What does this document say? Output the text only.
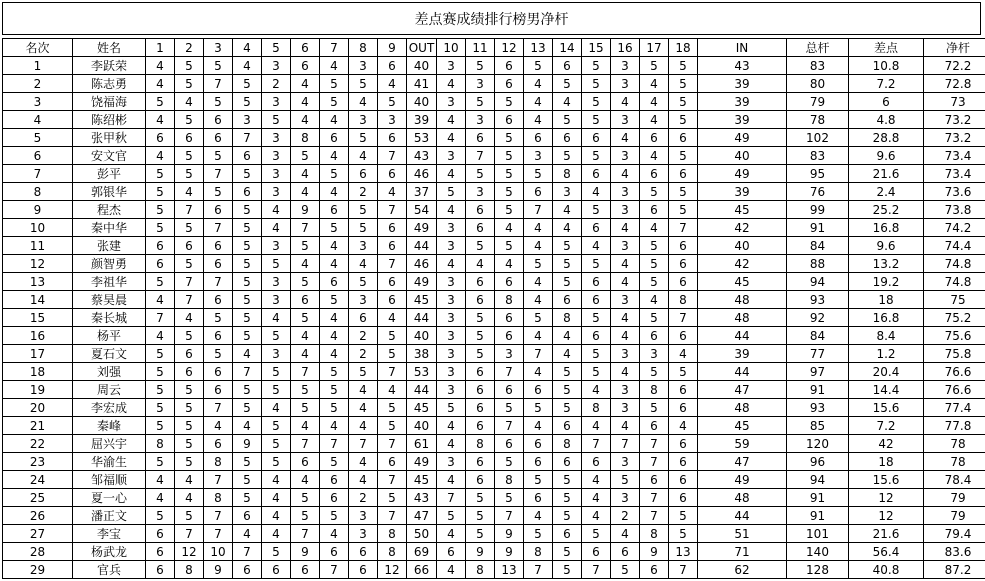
差点赛成绩排行榜男净杆
名次	姓名	1	2	3	4	5	6	7	8	9	OUT	10	11	12	13	14	15	16	17	18	IN	总杆	差点	净杆
1	李跃荣	4	5	5	4	3	6	4	3	6	40	3	5	6	5	6	5	3	5	5	43	83	10.8	72.2
2	陈志勇	4	5	7	5	2	4	5	5	4	41	4	3	6	4	5	5	3	4	5	39	80	7.2	72.8
3	饶福海	5	4	5	5	3	4	5	4	5	40	3	5	5	4	4	5	4	4	5	39	79	6	73
4	陈绍彬	4	5	6	3	5	4	4	3	3	39	4	3	6	4	5	5	3	4	5	39	78	4.8	73.2
5	张甲秋	6	6	6	7	3	8	6	5	6	53	4	6	5	6	6	6	4	6	6	49	102	28.8	73.2
6	安文官	4	5	5	6	3	5	4	4	7	43	3	7	5	3	5	5	3	4	5	40	83	9.6	73.4
7	彭平	5	5	7	5	3	4	5	6	6	46	4	5	5	5	8	6	4	6	6	49	95	21.6	73.4
8	郭银华	5	4	5	6	3	4	4	2	4	37	5	3	5	6	3	4	3	5	5	39	76	2.4	73.6
9	程杰	5	7	6	5	4	9	6	5	7	54	4	6	5	7	4	5	3	6	5	45	99	25.2	73.8
10	秦中华	5	5	7	5	4	7	5	5	6	49	3	6	4	4	4	6	4	4	7	42	91	16.8	74.2
11	张建	6	6	6	5	3	5	4	3	6	44	3	5	5	4	5	4	3	5	6	40	84	9.6	74.4
12	颜智勇	6	5	6	5	5	4	4	4	7	46	4	4	4	5	5	5	4	5	6	42	88	13.2	74.8
13	李祖华	5	7	7	5	3	5	6	5	6	49	3	6	6	4	5	6	4	5	6	45	94	19.2	74.8
14	蔡昊晨	4	7	6	5	3	6	5	3	6	45	3	6	8	4	6	6	3	4	8	48	93	18	75
15	秦长城	7	4	5	5	4	5	4	6	4	44	3	5	6	5	8	5	4	5	7	48	92	16.8	75.2
16	杨平	4	5	6	5	5	4	4	2	5	40	3	5	6	4	4	6	4	6	6	44	84	8.4	75.6
17	夏石文	5	6	5	4	3	4	4	2	5	38	3	5	3	7	4	5	3	3	4	39	77	1.2	75.8
18	刘强	5	6	6	7	5	7	5	5	7	53	3	6	7	4	5	5	4	5	5	44	97	20.4	76.6
19	周云	5	5	6	5	5	5	5	4	4	44	3	6	6	6	5	4	3	8	6	47	91	14.4	76.6
20	李宏成	5	5	7	5	4	5	5	4	5	45	5	6	5	5	5	8	3	5	6	48	93	15.6	77.4
21	秦峰	5	5	4	4	5	4	4	4	5	40	4	6	7	4	6	4	4	6	4	45	85	7.2	77.8
22	屈兴宇	8	5	6	9	5	7	7	7	7	61	4	8	6	6	8	7	7	7	6	59	120	42	78
23	华渝生	5	5	8	5	5	6	5	4	6	49	3	6	5	6	6	6	3	7	6	47	96	18	78
24	邹福顺	4	4	7	5	4	4	6	4	7	45	4	6	8	5	5	4	5	6	6	49	94	15.6	78.4
25	夏一心	4	4	8	5	4	5	6	2	5	43	7	5	5	6	5	4	3	7	6	48	91	12	79
26	潘正文	5	5	7	6	4	5	5	3	7	47	5	5	7	4	5	4	2	7	5	44	91	12	79
27	李宝	6	7	7	4	4	7	4	3	8	50	4	5	9	5	6	5	4	8	5	51	101	21.6	79.4
28	杨武龙	6	12	10	7	5	9	6	6	8	69	6	9	9	8	5	6	6	9	13	71	140	56.4	83.6
29	官兵	6	8	9	6	6	6	7	6	12	66	4	8	13	7	5	7	5	6	7	62	128	40.8	87.2
